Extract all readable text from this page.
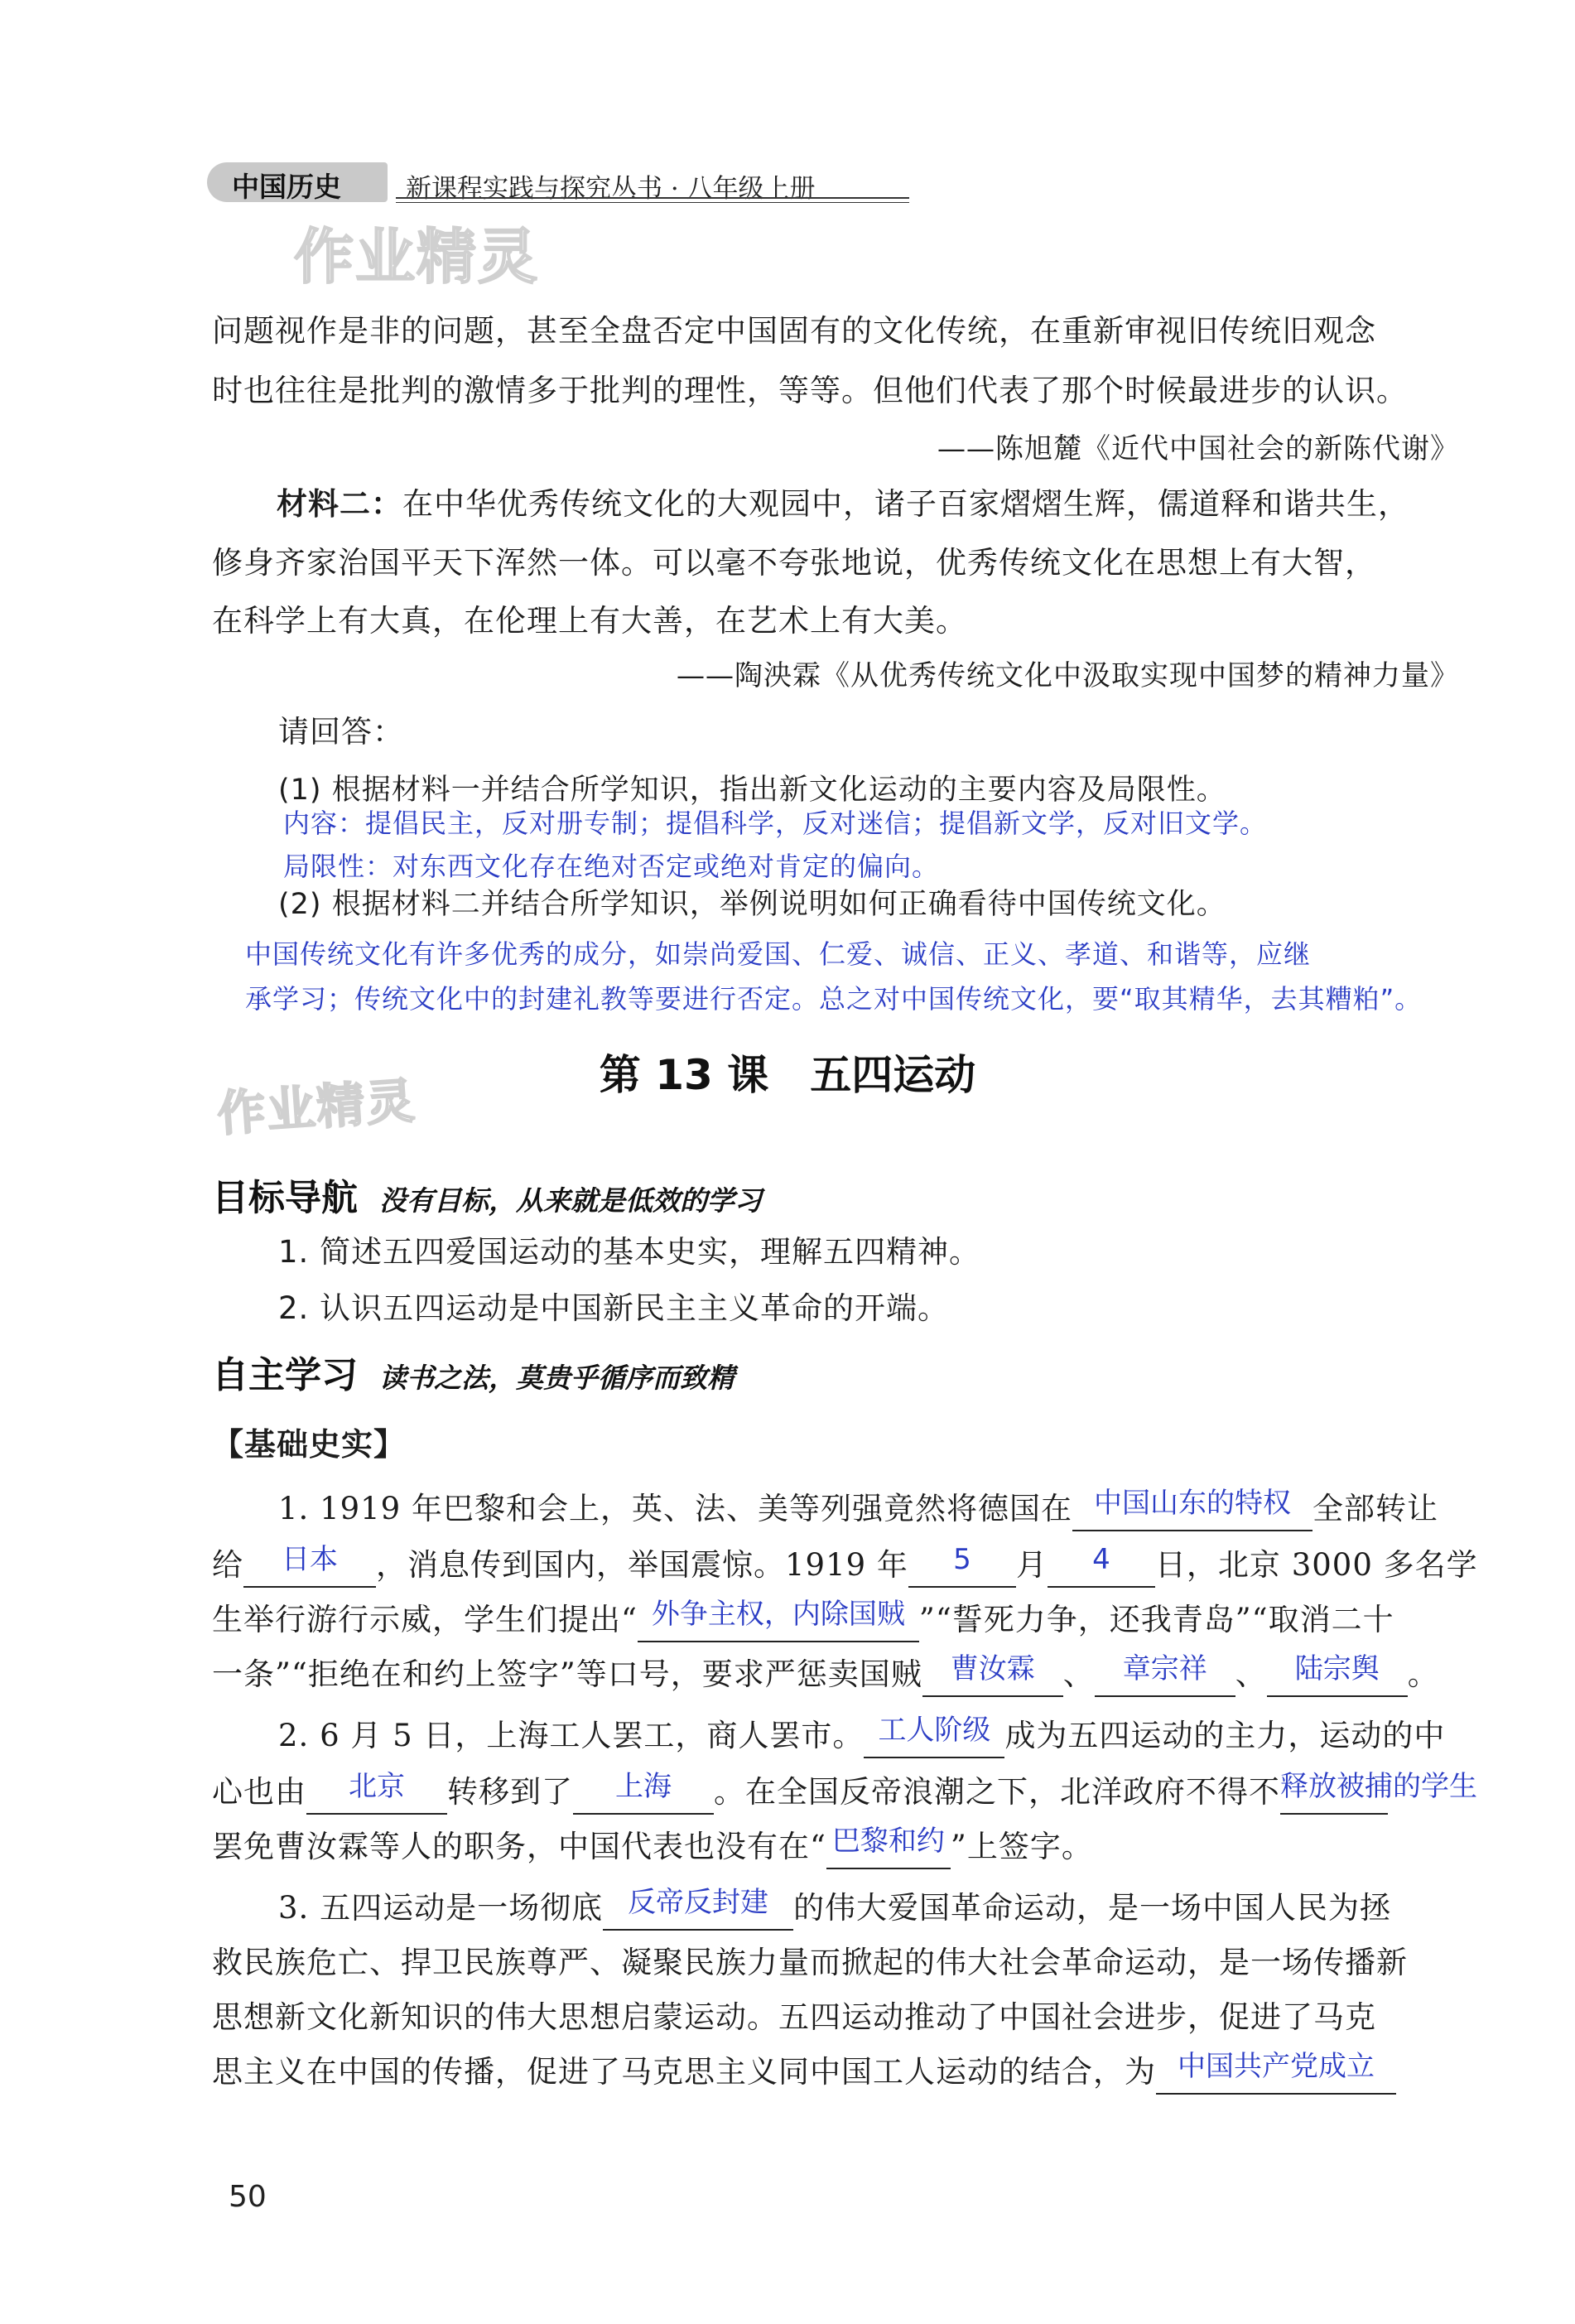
中国历史	新课程实践与探究丛书 · 八年级上册
作业精灵
作业精灵
问题视作是非的问题，甚至全盘否定中国固有的文化传统，在重新审视旧传统旧观念
时也往往是批判的激情多于批判的理性，等等。但他们代表了那个时候最进步的认识。
——陈旭麓《近代中国社会的新陈代谢》
材料二：在中华优秀传统文化的大观园中，诸子百家熠熠生辉，儒道释和谐共生，
修身齐家治国平天下浑然一体。可以毫不夸张地说，优秀传统文化在思想上有大智，
在科学上有大真，在伦理上有大善，在艺术上有大美。
——陶泱霖《从优秀传统文化中汲取实现中国梦的精神力量》
请回答：
(1) 根据材料一并结合所学知识，指出新文化运动的主要内容及局限性。
内容：提倡民主，反对册专制；提倡科学，反对迷信；提倡新文学，反对旧文学。
局限性：对东西文化存在绝对否定或绝对肯定的偏向。
(2) 根据材料二并结合所学知识，举例说明如何正确看待中国传统文化。
中国传统文化有许多优秀的成分，如崇尚爱国、仁爱、诚信、正义、孝道、和谐等，应继
承学习；传统文化中的封建礼教等要进行否定。总之对中国传统文化，要“取其精华，去其糟粕”。
第 13 课　五四运动
目标导航 没有目标，从来就是低效的学习
1. 简述五四爱国运动的基本史实，理解五四精神。
2. 认识五四运动是中国新民主主义革命的开端。
自主学习 读书之法，莫贵乎循序而致精
【基础史实】
1. 1919 年巴黎和会上，英、法、美等列强竟然将德国在 中国山东的特权 全部转让
给 日本 ，消息传到国内，举国震惊。1919 年 5 月 4 日，北京 3000 多名学
生举行游行示威，学生们提出“ 外争主权，内除国贼 ”“誓死力争，还我青岛”“取消二十
一条”“拒绝在和约上签字”等口号，要求严惩卖国贼 曹汝霖 、 章宗祥 、 陆宗舆 。
2. 6 月 5 日，上海工人罢工，商人罢市。 工人阶级 成为五四运动的主力，运动的中
心也由 北京 转移到了 上海 。在全国反帝浪潮之下，北洋政府不得不释放被捕的学生
罢免曹汝霖等人的职务，中国代表也没有在“ 巴黎和约 ”上签字。
3. 五四运动是一场彻底 反帝反封建 的伟大爱国革命运动，是一场中国人民为拯
救民族危亡、捍卫民族尊严、凝聚民族力量而掀起的伟大社会革命运动，是一场传播新
思想新文化新知识的伟大思想启蒙运动。五四运动推动了中国社会进步，促进了马克
思主义在中国的传播，促进了马克思主义同中国工人运动的结合，为 中国共产党成立
50
